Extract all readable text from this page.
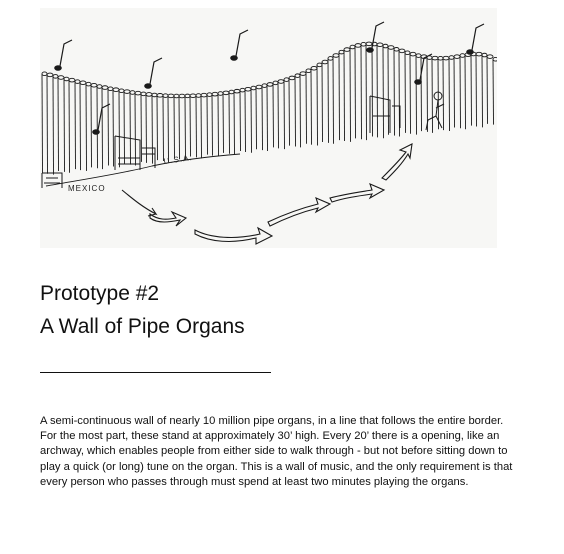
MEXICO
U.S.A.
Prototype #2
A Wall of Pipe Organs

A semi-continuous wall of nearly 10 million pipe organs, in a line that follows the entire border. For the most part, these stand at approximately 30’ high. Every 20’ there is a opening, like an archway, which enables people from either side to walk through - but not before sitting down to play a quick (or long) tune on the organ. This is a wall of music, and the only requirement is that every person who passes through must spend at least two minutes playing the organs.
